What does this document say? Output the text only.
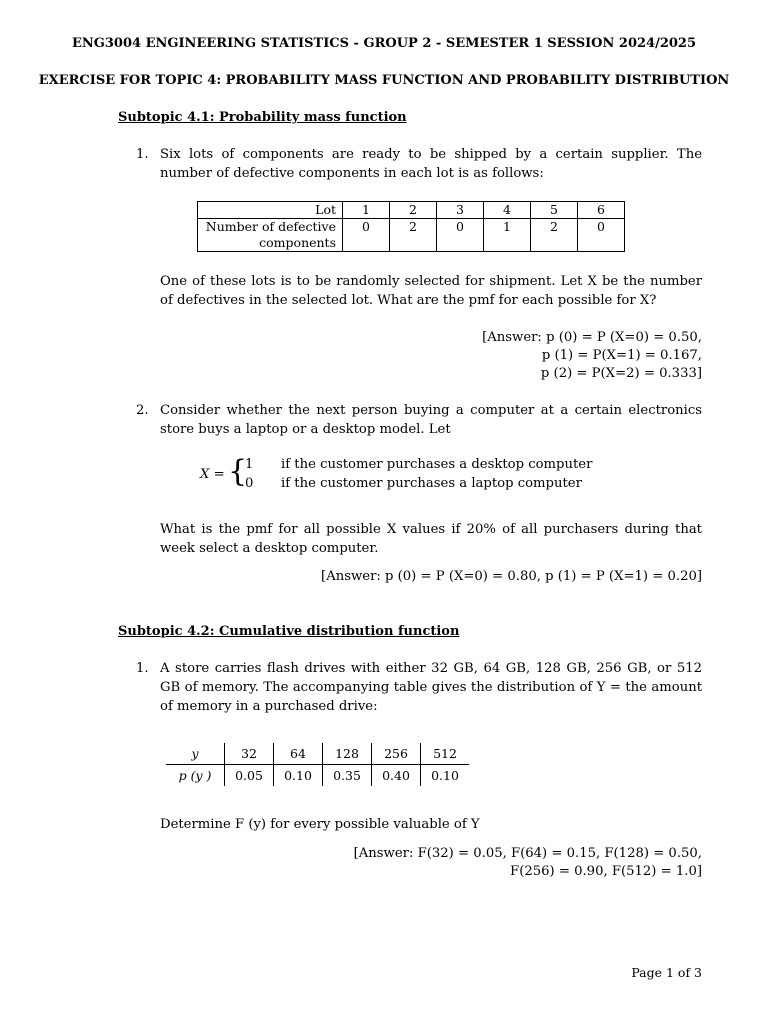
ENG3004 ENGINEERING STATISTICS - GROUP 2 - SEMESTER 1 SESSION 2024/2025
EXERCISE FOR TOPIC 4: PROBABILITY MASS FUNCTION AND PROBABILITY DISTRIBUTION
Subtopic 4.1: Probability mass function
1. Six lots of components are ready to be shipped by a certain supplier. The number of defective components in each lot is as follows:
Lot	1	2	3	4	5	6

Number of defective
components	0	2	0	1	2	0
One of these lots is to be randomly selected for shipment. Let X be the number of defectives in the selected lot. What are the pmf for each possible for X?
[Answer: p (0) = P (X=0) = 0.50,
p (1) = P(X=1) = 0.167,
p (2) = P(X=2) = 0.333]
2. Consider whether the next person buying a computer at a certain electronics store buys a laptop or a desktop model. Let
X = {
1 if the customer purchases a desktop computer
0 if the customer purchases a laptop computer
What is the pmf for all possible X values if 20% of all purchasers during that week select a desktop computer.
[Answer: p (0) = P (X=0) = 0.80, p (1) = P (X=1) = 0.20]
Subtopic 4.2: Cumulative distribution function
1. A store carries flash drives with either 32 GB, 64 GB, 128 GB, 256 GB, or 512 GB of memory. The accompanying table gives the distribution of Y = the amount of memory in a purchased drive:
y	32	64	128	256	512
p (y )	0.05	0.10	0.35	0.40	0.10
Determine F (y) for every possible valuable of Y
[Answer: F(32) = 0.05, F(64) = 0.15, F(128) = 0.50,
F(256) = 0.90, F(512) = 1.0]
Page 1 of 3
